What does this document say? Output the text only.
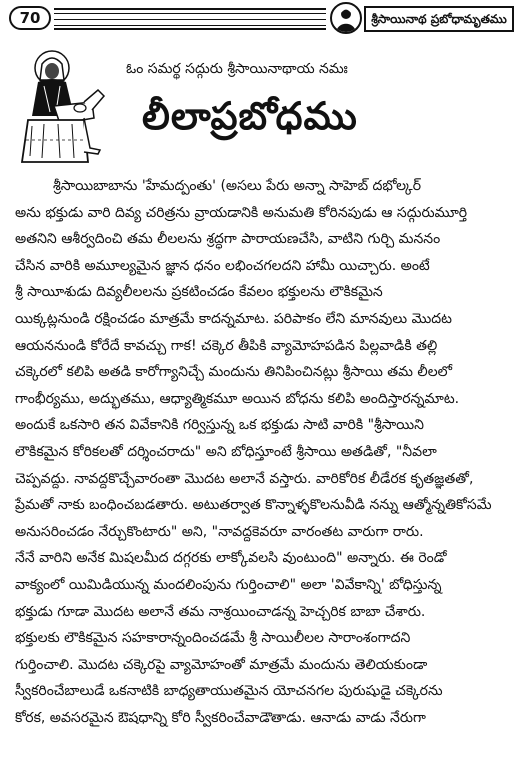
70	శ్రీసాయినాథ ప్రబోధామృతము
ఓం సమర్థ సద్గురు శ్రీసాయినాథాయ నమః
లీలాప్రబోధము
శ్రీసాయిబాబాను 'హేమద్పంతు' (అసలు పేరు అన్నా సాహెబ్ దభోల్కర్
అను భక్తుడు వారి దివ్య చరిత్రను వ్రాయడానికి అనుమతి కోరినపుడు ఆ సద్గురుమూర్తి
అతనిని ఆశీర్వదించి తమ లీలలను శ్రద్ధగా పారాయణచేసి, వాటిని గుర్చి మననం
చేసిన వారికి అమూల్యమైన జ్ఞాన ధనం లభించగలదని హామీ యిచ్చారు. అంటే
శ్రీ సాయీశుడు దివ్యలీలలను ప్రకటించడం కేవలం భక్తులను లౌకికమైన
యిక్కట్లనుండి రక్షించడం మాత్రమే కాదన్నమాట. పరిపాకం లేని మానవులు మొదట
ఆయననుండి కోరేదే కావచ్చు గాక! చక్కెర తీపికి వ్యామోహపడిన పిల్లవాడికి తల్లి
చక్కెరలో కలిపి అతడి కారోగ్యానిచ్చే మందును తినిపించినట్లు శ్రీసాయి తమ లీలలో
గాంభీర్యము, అద్భుతము, ఆధ్యాత్మికమూ అయిన బోధను కలిపి అందిస్తారన్నమాట.
అందుకే ఒకసారి తన వివేకానికి గర్విస్తున్న ఒక భక్తుడు సాటి వారికి "శ్రీసాయిని
లౌకికమైన కోరికలతో దర్శించరాదు" అని బోధిస్తూంటే శ్రీసాయి అతడితో, "నీవలా
చెప్పవద్దు. నావద్దకొచ్చేవారంతా మొదట అలానే వస్తారు. వారికోరిక లీడేరక కృతజ్ఞతతో,
ప్రేమతో నాకు బంధించబడతారు. అటుతర్వాత కొన్నాళ్ళకొలనువీడి నన్ను ఆత్మోన్నతికోసమే
అనుసరించడం నేర్చుకొంటారు" అని, "నావద్దకెవరూ వారంతట వారుగా రారు.
నేనే వారిని అనేక మిషలమీద దగ్గరకు లాక్కోవలసి వుంటుంది" అన్నారు. ఈ రెండో
వాక్యంలో యిమిడియున్న మందలింపును గుర్తించాలి" అలా 'వివేకాన్ని' బోధిస్తున్న
భక్తుడు గూడా మొదట అలానే తమ నాశ్రయించాడన్న హెచ్చరిక బాబా చేశారు.
భక్తులకు లౌకికమైన సహకారాన్నందించడమే శ్రీ సాయిలీలల సారాంశంగాదని
గుర్తించాలి. మొదట చక్కెరపై వ్యామోహంతో మాత్రమే మందును తెలియకుండా
స్వీకరించేబాలుడే ఒకనాటికి బాధ్యతాయుతమైన యోచనగల పురుషుడై చక్కెరను
కోరక, అవసరమైన ఔషధాన్ని కోరి స్వీకరించేవాడౌతాడు. ఆనాడు వాడు నేరుగా
